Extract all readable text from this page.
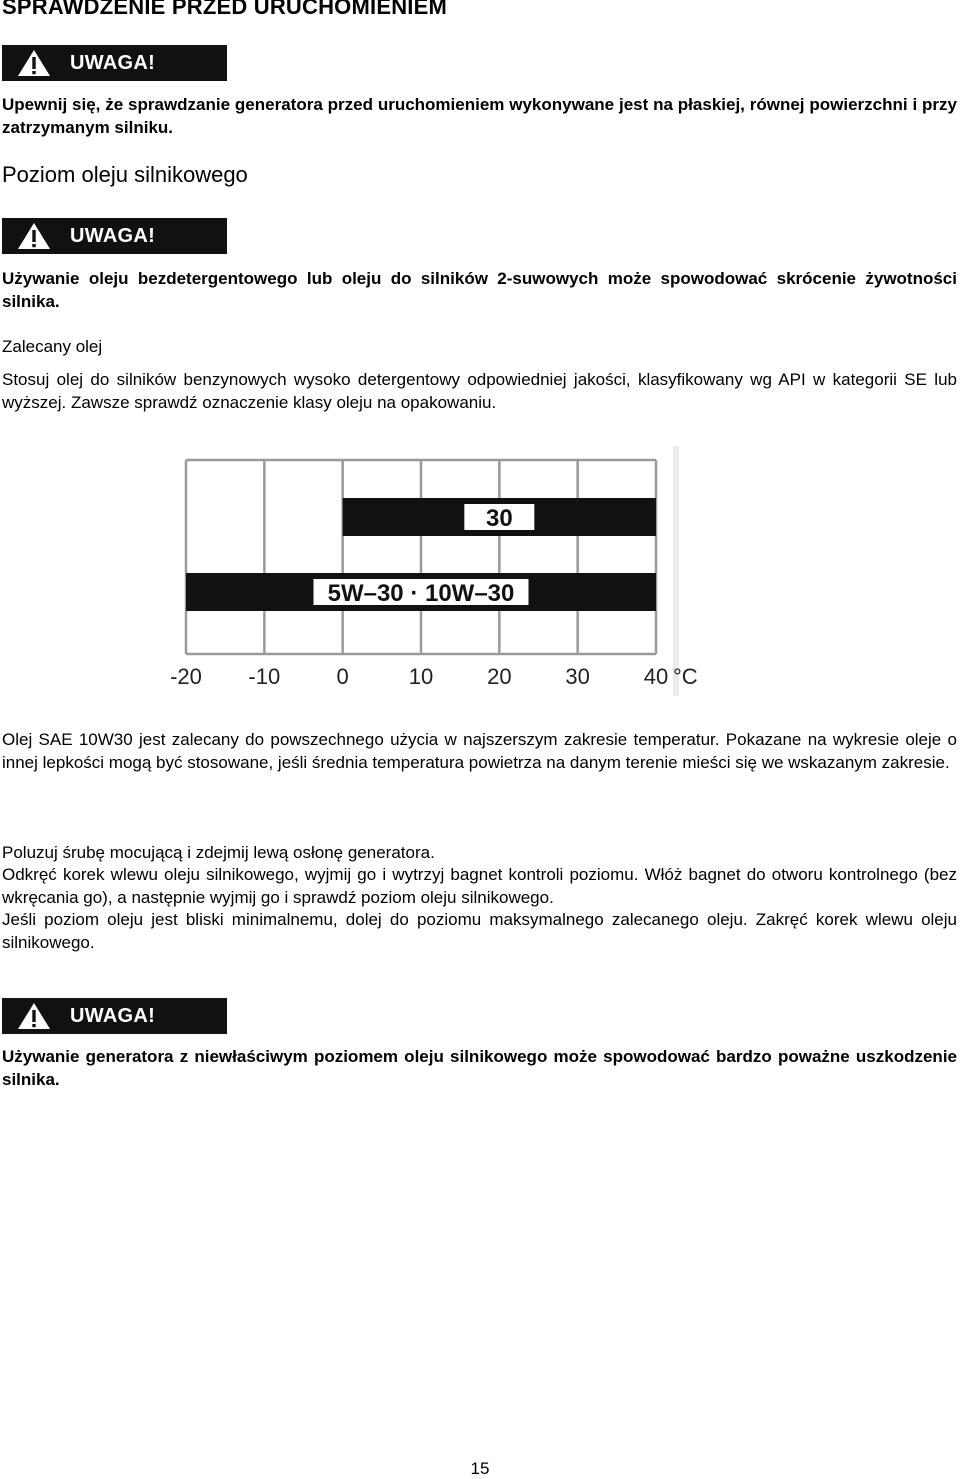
SPRAWDZENIE PRZED URUCHOMIENIEM
UWAGA!
Upewnij się, że sprawdzanie generatora przed uruchomieniem wykonywane jest na płaskiej, równej powierzchni i przy zatrzymanym silniku.
Poziom oleju silnikowego
UWAGA!
Używanie oleju bezdetergentowego lub oleju do silników 2-suwowych może spowodować skrócenie żywotności silnika.
Zalecany olej
Stosuj olej do silników benzynowych wysoko detergentowy odpowiedniej jakości, klasyfikowany wg API w kategorii SE lub wyższej. Zawsze sprawdź oznaczenie klasy oleju na opakowaniu.
30
5W–30 · 10W–30
-20 -10	0	10 20 30 40 °C
Olej SAE 10W30 jest zalecany do powszechnego użycia w najszerszym zakresie temperatur. Pokazane na wykresie oleje o innej lepkości mogą być stosowane, jeśli średnia temperatura powietrza na danym terenie mieści się we wskazanym zakresie.
Poluzuj śrubę mocującą i zdejmij lewą osłonę generatora.
Odkręć korek wlewu oleju silnikowego, wyjmij go i wytrzyj bagnet kontroli poziomu. Włóż bagnet do otworu kontrolnego (bez wkręcania go), a następnie wyjmij go i sprawdź poziom oleju silnikowego.
Jeśli poziom oleju jest bliski minimalnemu, dolej do poziomu maksymalnego zalecanego oleju. Zakręć korek wlewu oleju silnikowego.
UWAGA!
Używanie generatora z niewłaściwym poziomem oleju silnikowego może spowodować bardzo poważne uszkodzenie silnika.
15
